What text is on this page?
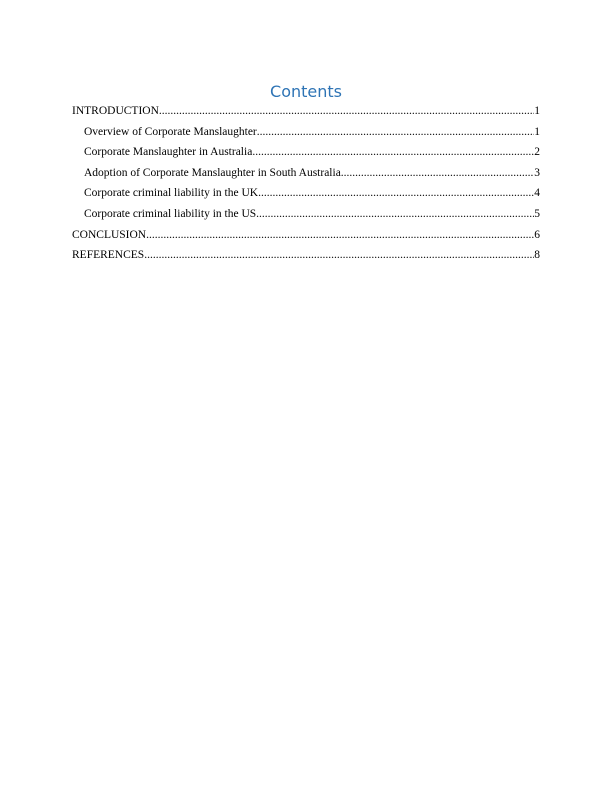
Contents
INTRODUCTION .....	1
Overview of Corporate Manslaughter .....	1
Corporate Manslaughter in Australia .....	2
Adoption of Corporate Manslaughter in South Australia .....	3
Corporate criminal liability in the UK .....	4
Corporate criminal liability in the US .....	5
CONCLUSION .....	6
REFERENCES .....	8
